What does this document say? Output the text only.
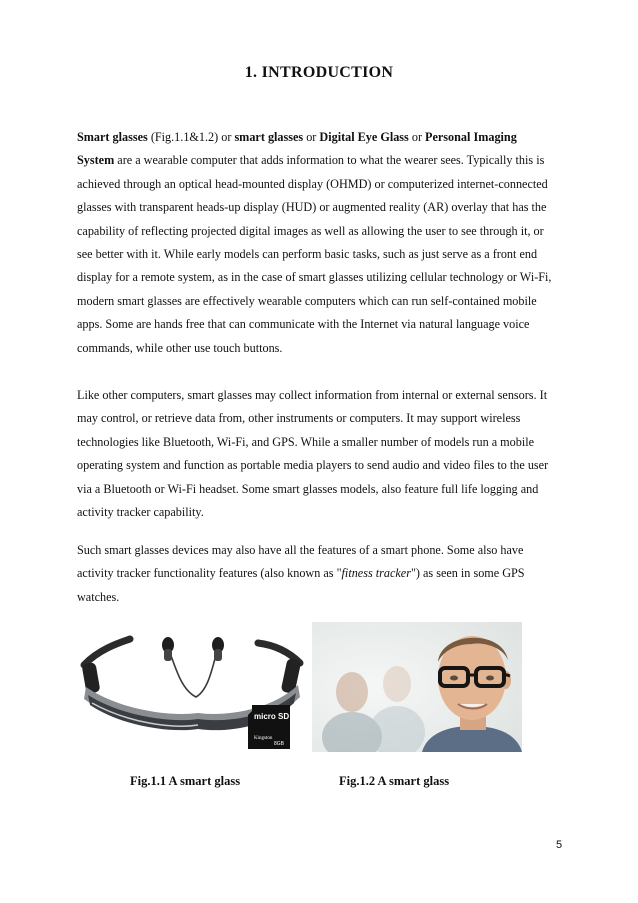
1. INTRODUCTION
Smart glasses (Fig.1.1&1.2) or smart glasses or Digital Eye Glass or Personal Imaging System are a wearable computer that adds information to what the wearer sees. Typically this is achieved through an optical head-mounted display (OHMD) or computerized internet-connected glasses with transparent heads-up display (HUD) or augmented reality (AR) overlay that has the capability of reflecting projected digital images as well as allowing the user to see through it, or see better with it. While early models can perform basic tasks, such as just serve as a front end display for a remote system, as in the case of smart glasses utilizing cellular technology or Wi-Fi, modern smart glasses are effectively wearable computers which can run self-contained mobile apps. Some are hands free that can communicate with the Internet via natural language voice commands, while other use touch buttons.
Like other computers, smart glasses may collect information from internal or external sensors. It may control, or retrieve data from, other instruments or computers. It may support wireless technologies like Bluetooth, Wi-Fi, and GPS. While a smaller number of models run a mobile operating system and function as portable media players to send audio and video files to the user via a Bluetooth or Wi-Fi headset. Some smart glasses models, also feature full life logging and activity tracker capability.
Such smart glasses devices may also have all the features of a smart phone. Some also have activity tracker functionality features (also known as "fitness tracker") as seen in some GPS watches.
micro SD
Kingston
8GB
Fig.1.1 A smart glass	Fig.1.2 A smart glass
5
